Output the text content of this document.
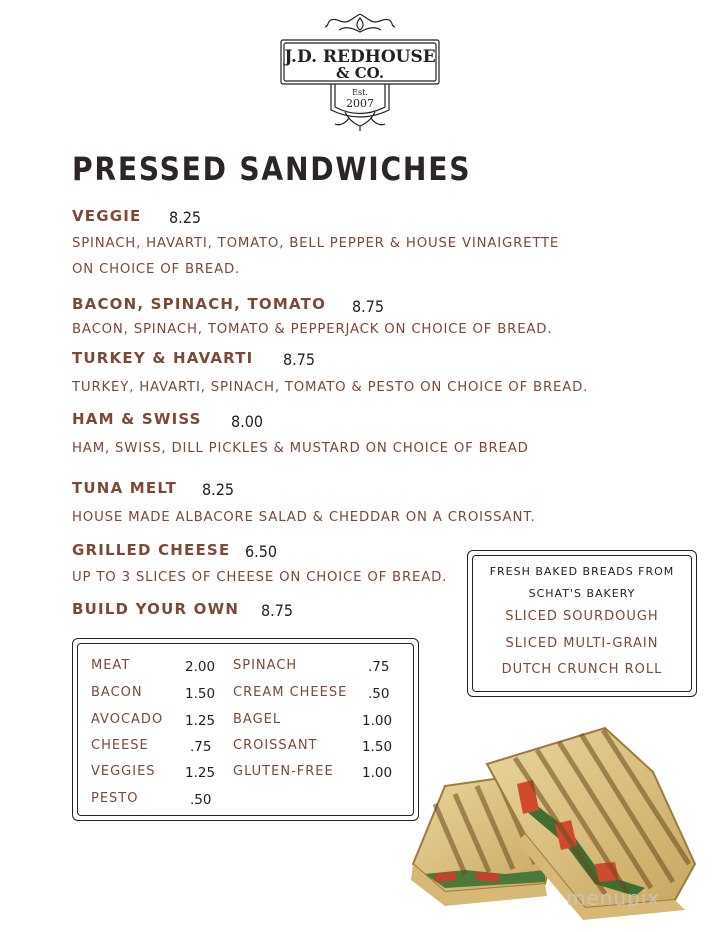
J.D. REDHOUSE
& CO.
Est.
2007
PRESSED SANDWICHES
VEGGIE 8.25
SPINACH, HAVARTI, TOMATO, BELL PEPPER & HOUSE VINAIGRETTE
ON CHOICE OF BREAD.
BACON, SPINACH, TOMATO 8.75
BACON, SPINACH, TOMATO & PEPPERJACK ON CHOICE OF BREAD.
TURKEY & HAVARTI 8.75
TURKEY, HAVARTI, SPINACH, TOMATO & PESTO ON CHOICE OF BREAD.
HAM & SWISS 8.00
HAM, SWISS, DILL PICKLES & MUSTARD ON CHOICE OF BREAD
TUNA MELT 8.25
HOUSE MADE ALBACORE SALAD & CHEDDAR ON A CROISSANT.
GRILLED CHEESE 6.50
UP TO 3 SLICES OF CHEESE ON CHOICE OF BREAD.
BUILD YOUR OWN 8.75
MEAT	2.00
BACON	1.50
AVOCADO 1.25
CHEESE	.75
VEGGIES 1.25
PESTO	.50
SPINACH	.75
CREAM CHEESE .50
BAGEL	1.00
CROISSANT	1.50
GLUTEN-FREE 1.00
FRESH BAKED BREADS FROM
SCHAT'S BAKERY
SLICED SOURDOUGH
SLICED MULTI-GRAIN
DUTCH CRUNCH ROLL
menupix
